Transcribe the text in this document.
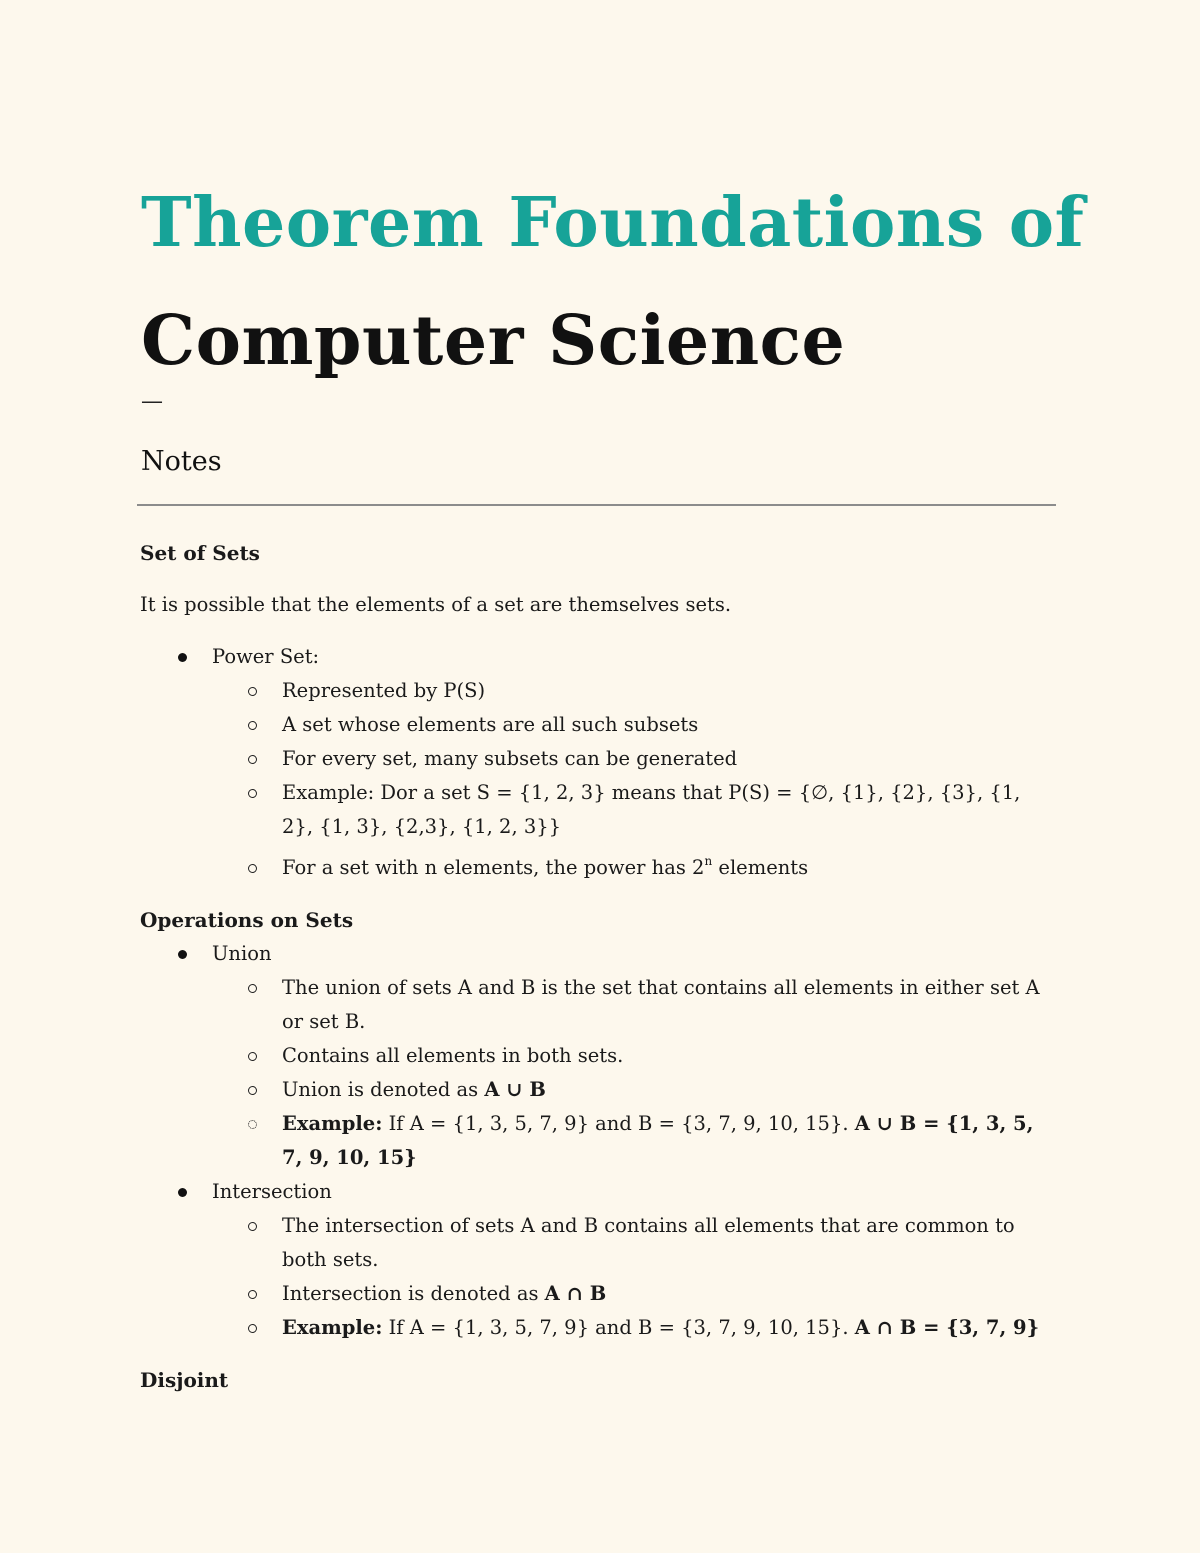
Theorem Foundations of
Computer Science
—
Notes

Set of Sets

It is possible that the elements of a set are themselves sets.

Power Set:
Represented by P(S)
A set whose elements are all such subsets
For every set, many subsets can be generated
Example: Dor a set S = {1, 2, 3} means that P(S) = {∅, {1}, {2}, {3}, {1, 2}, {1, 3}, {2,3}, {1, 2, 3}}
For a set with n elements, the power has 2$^n$ elements

Operations on Sets

Union
The union of sets A and B is the set that contains all elements in either set A or set B.
Contains all elements in both sets.
Union is denoted as A ∪ B
Example: If A = {1, 3, 5, 7, 9} and B = {3, 7, 9, 10, 15}. A ∪ B = {1, 3, 5, 7, 9, 10, 15}
Intersection
The intersection of sets A and B contains all elements that are common to both sets.
Intersection is denoted as A ∩ B
Example: If A = {1, 3, 5, 7, 9} and B = {3, 7, 9, 10, 15}. A ∩ B = {3, 7, 9}

Disjoint
